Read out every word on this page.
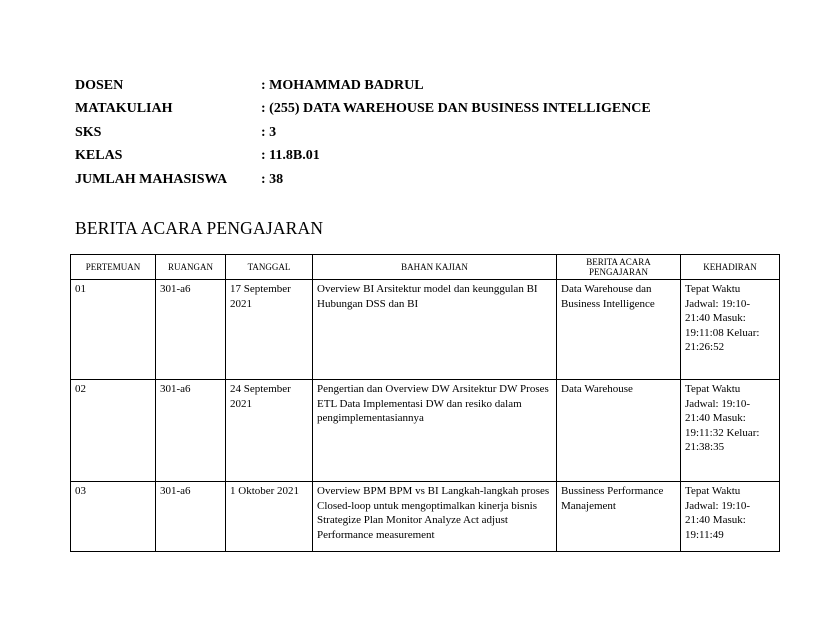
DOSEN	: MOHAMMAD BADRUL
MATAKULIAH	: (255) DATA WAREHOUSE DAN BUSINESS INTELLIGENCE
SKS	: 3
KELAS	: 11.8B.01
JUMLAH MAHASISWA	: 38
BERITA ACARA PENGAJARAN
PERTEMUAN	RUANGAN	TANGGAL	BAHAN KAJIAN	BERITA ACARA PENGAJARAN	KEHADIRAN
01	301-a6	17 September 2021	Overview BI Arsitektur model dan keunggulan BI Hubungan DSS dan BI	Data Warehouse dan Business Intelligence	Tepat Waktu Jadwal: 19:10-21:40 Masuk: 19:11:08 Keluar: 21:26:52
02	301-a6	24 September 2021	Pengertian dan Overview DW Arsitektur DW Proses ETL Data Implementasi DW dan resiko dalam pengimplementasiannya	Data Warehouse	Tepat Waktu Jadwal: 19:10-21:40 Masuk: 19:11:32 Keluar: 21:38:35
03	301-a6	1 Oktober 2021	Overview BPM BPM vs BI Langkah-langkah proses Closed-loop untuk mengoptimalkan kinerja bisnis Strategize Plan Monitor Analyze Act adjust Performance measurement	Bussiness Performance Manajement	Tepat Waktu Jadwal: 19:10-21:40 Masuk: 19:11:49
